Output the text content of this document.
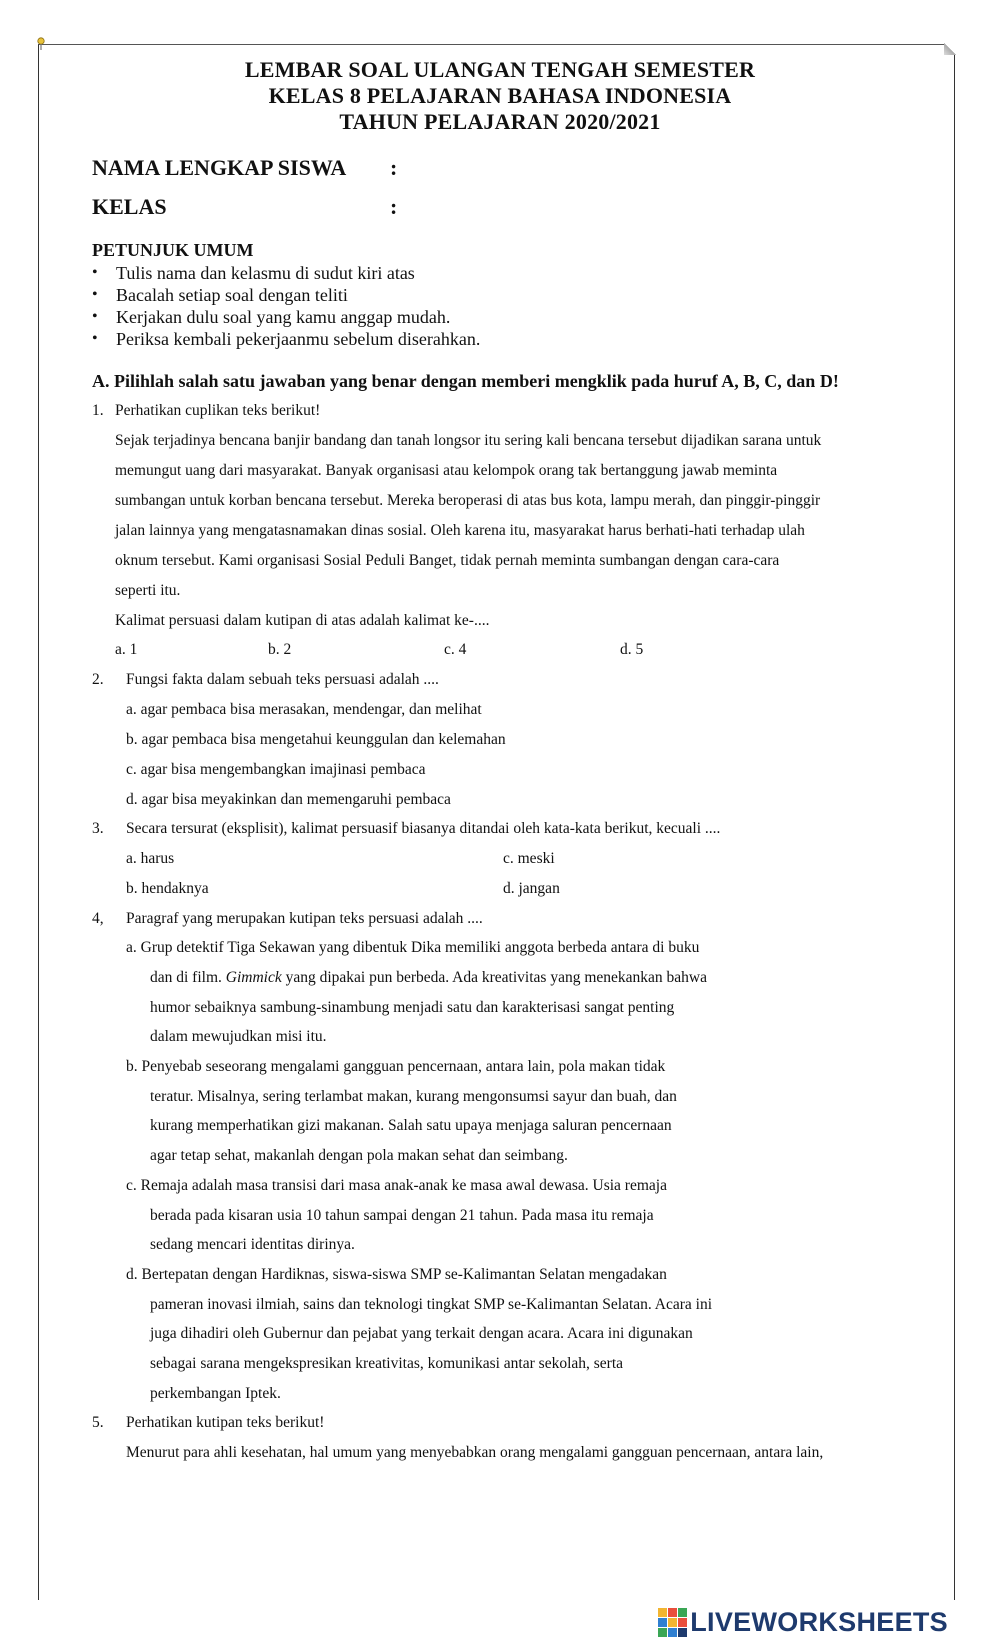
LEMBAR SOAL ULANGAN TENGAH SEMESTER
KELAS 8 PELAJARAN BAHASA INDONESIA
TAHUN PELAJARAN 2020/2021
NAMA LENGKAP SISWA :
KELAS	:
PETUNJUK UMUM
• Tulis nama dan kelasmu di sudut kiri atas
• Bacalah setiap soal dengan teliti
• Kerjakan dulu soal yang kamu anggap mudah.
• Periksa kembali pekerjaanmu sebelum diserahkan.
A. Pilihlah salah satu jawaban yang benar dengan memberi mengklik pada huruf A, B, C, dan D!
1. Perhatikan cuplikan teks berikut!
Sejak terjadinya bencana banjir bandang dan tanah longsor itu sering kali bencana tersebut dijadikan sarana untuk
memungut uang dari masyarakat. Banyak organisasi atau kelompok orang tak bertanggung jawab meminta
sumbangan untuk korban bencana tersebut. Mereka beroperasi di atas bus kota, lampu merah, dan pinggir-pinggir
jalan lainnya yang mengatasnamakan dinas sosial. Oleh karena itu, masyarakat harus berhati-hati terhadap ulah
oknum tersebut. Kami organisasi Sosial Peduli Banget, tidak pernah meminta sumbangan dengan cara-cara
seperti itu.
Kalimat persuasi dalam kutipan di atas adalah kalimat ke-....
a. 1	b. 2	c. 4	d. 5
2. Fungsi fakta dalam sebuah teks persuasi adalah ....
a. agar pembaca bisa merasakan, mendengar, dan melihat
b. agar pembaca bisa mengetahui keunggulan dan kelemahan
c. agar bisa mengembangkan imajinasi pembaca
d. agar bisa meyakinkan dan memengaruhi pembaca
3. Secara tersurat (eksplisit), kalimat persuasif biasanya ditandai oleh kata-kata berikut, kecuali ....
a. harus	c. meski
b. hendaknya	d. jangan
4, Paragraf yang merupakan kutipan teks persuasi adalah ....
a. Grup detektif Tiga Sekawan yang dibentuk Dika memiliki anggota berbeda antara di buku
dan di film. Gimmick yang dipakai pun berbeda. Ada kreativitas yang menekankan bahwa
humor sebaiknya sambung-sinambung menjadi satu dan karakterisasi sangat penting
dalam mewujudkan misi itu.
b. Penyebab seseorang mengalami gangguan pencernaan, antara lain, pola makan tidak
teratur. Misalnya, sering terlambat makan, kurang mengonsumsi sayur dan buah, dan
kurang memperhatikan gizi makanan. Salah satu upaya menjaga saluran pencernaan
agar tetap sehat, makanlah dengan pola makan sehat dan seimbang.
c. Remaja adalah masa transisi dari masa anak-anak ke masa awal dewasa. Usia remaja
berada pada kisaran usia 10 tahun sampai dengan 21 tahun. Pada masa itu remaja
sedang mencari identitas dirinya.
d. Bertepatan dengan Hardiknas, siswa-siswa SMP se-Kalimantan Selatan mengadakan
pameran inovasi ilmiah, sains dan teknologi tingkat SMP se-Kalimantan Selatan. Acara ini
juga dihadiri oleh Gubernur dan pejabat yang terkait dengan acara. Acara ini digunakan
sebagai sarana mengekspresikan kreativitas, komunikasi antar sekolah, serta
perkembangan Iptek.
5. Perhatikan kutipan teks berikut!
Menurut para ahli kesehatan, hal umum yang menyebabkan orang mengalami gangguan pencernaan, antara lain,
LIVEWORKSHEETS
